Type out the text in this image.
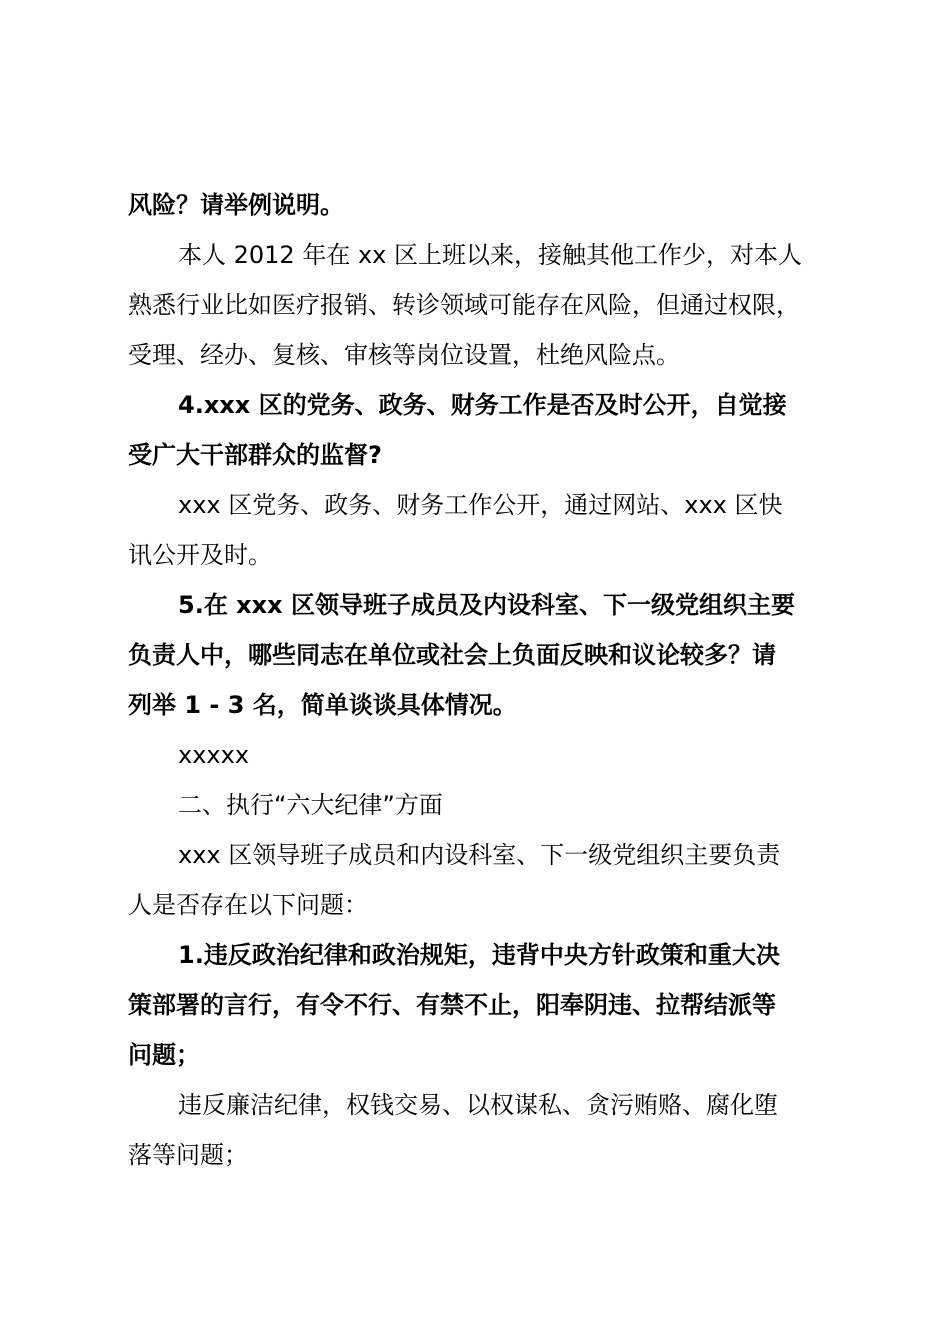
风险？请举例说明。
本人 2012 年在 xx 区上班以来，接触其他工作少，对本人
熟悉行业比如医疗报销、转诊领域可能存在风险，但通过权限，
受理、经办、复核、审核等岗位设置，杜绝风险点。
4.xxx 区的党务、政务、财务工作是否及时公开，自觉接
受广大干部群众的监督?
xxx 区党务、政务、财务工作公开，通过网站、xxx 区快
讯公开及时。
5.在 xxx 区领导班子成员及内设科室、下一级党组织主要
负责人中，哪些同志在单位或社会上负面反映和议论较多？请
列举 1 - 3 名，简单谈谈具体情况。
xxxxx
二、执行“六大纪律”方面
xxx 区领导班子成员和内设科室、下一级党组织主要负责
人是否存在以下问题：
1.违反政治纪律和政治规矩，违背中央方针政策和重大决
策部署的言行，有令不行、有禁不止，阳奉阴违、拉帮结派等
问题；
违反廉洁纪律，权钱交易、以权谋私、贪污贿赂、腐化堕
落等问题；
